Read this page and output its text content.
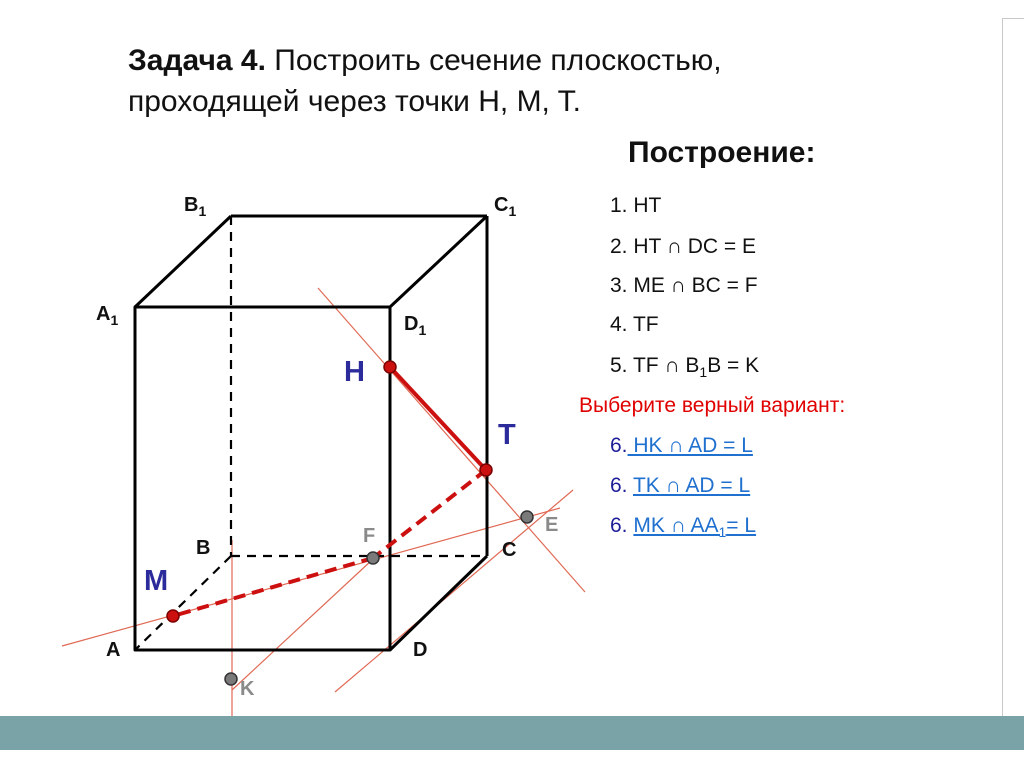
Задача 4. Построить сечение плоскостью,
проходящей через точки H, M, T.
Построение:
1. HT
2. HT ∩ DC = E
3. ME ∩ BC = F
4. TF
5. TF ∩ $B_1B = K$
Выберите верный вариант:
6. HK ∩ AD = L
6. TK ∩ AD = L
6. MK ∩ $AA_1= L$
$B_1$	$C_1$
$A_1$	$D_1$
B	C
A	D
H
T
M
F	E
K
